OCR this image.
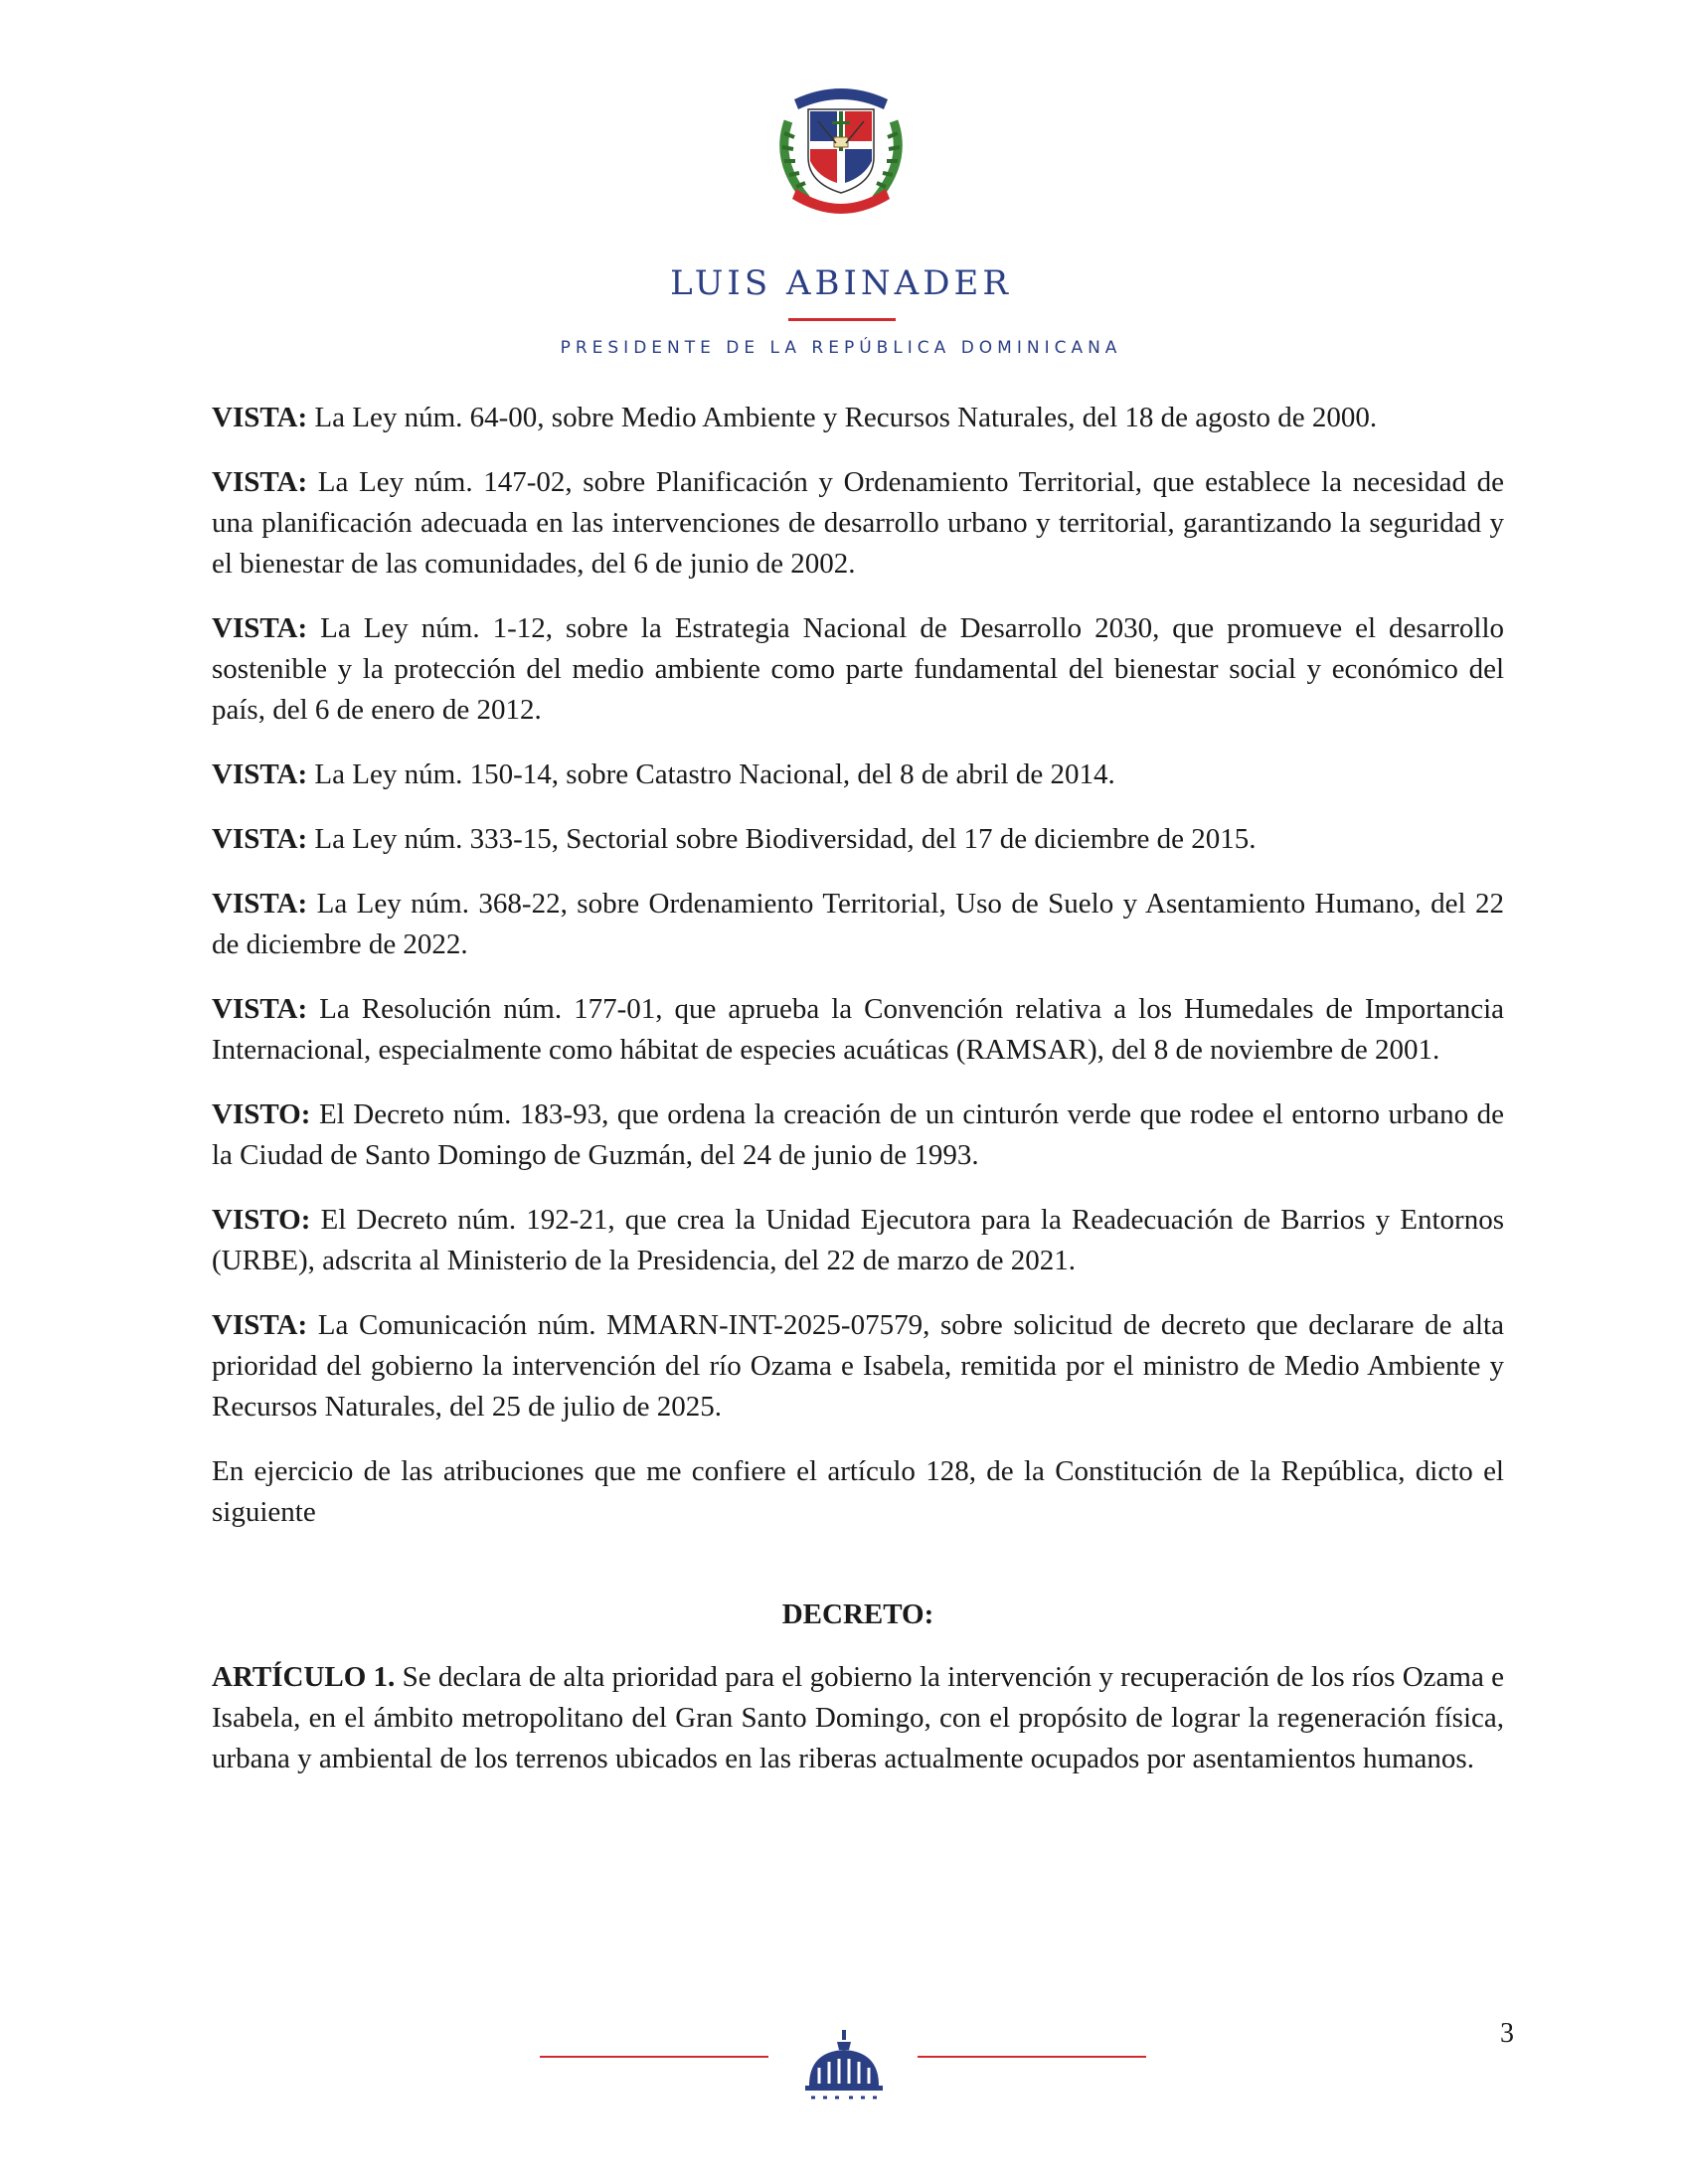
LUIS ABINADER
PRESIDENTE DE LA REPÚBLICA DOMINICANA

VISTA: La Ley núm. 64-00, sobre Medio Ambiente y Recursos Naturales, del 18 de agosto de 2000.

VISTA: La Ley núm. 147-02, sobre Planificación y Ordenamiento Territorial, que establece la necesidad de una planificación adecuada en las intervenciones de desarrollo urbano y territorial, garantizando la seguridad y el bienestar de las comunidades, del 6 de junio de 2002.

VISTA: La Ley núm. 1-12, sobre la Estrategia Nacional de Desarrollo 2030, que promueve el desarrollo sostenible y la protección del medio ambiente como parte fundamental del bienestar social y económico del país, del 6 de enero de 2012.

VISTA: La Ley núm. 150-14, sobre Catastro Nacional, del 8 de abril de 2014.

VISTA: La Ley núm. 333-15, Sectorial sobre Biodiversidad, del 17 de diciembre de 2015.

VISTA: La Ley núm. 368-22, sobre Ordenamiento Territorial, Uso de Suelo y Asentamiento Humano, del 22 de diciembre de 2022.

VISTA: La Resolución núm. 177-01, que aprueba la Convención relativa a los Humedales de Importancia Internacional, especialmente como hábitat de especies acuáticas (RAMSAR), del 8 de noviembre de 2001.

VISTO: El Decreto núm. 183-93, que ordena la creación de un cinturón verde que rodee el entorno urbano de la Ciudad de Santo Domingo de Guzmán, del 24 de junio de 1993.

VISTO: El Decreto núm. 192-21, que crea la Unidad Ejecutora para la Readecuación de Barrios y Entornos (URBE), adscrita al Ministerio de la Presidencia, del 22 de marzo de 2021.

VISTA: La Comunicación núm. MMARN-INT-2025-07579, sobre solicitud de decreto que declarare de alta prioridad del gobierno la intervención del río Ozama e Isabela, remitida por el ministro de Medio Ambiente y Recursos Naturales, del 25 de julio de 2025.

En ejercicio de las atribuciones que me confiere el artículo 128, de la Constitución de la República, dicto el siguiente

DECRETO:

ARTÍCULO 1. Se declara de alta prioridad para el gobierno la intervención y recuperación de los ríos Ozama e Isabela, en el ámbito metropolitano del Gran Santo Domingo, con el propósito de lograr la regeneración física, urbana y ambiental de los terrenos ubicados en las riberas actualmente ocupados por asentamientos humanos.

3
